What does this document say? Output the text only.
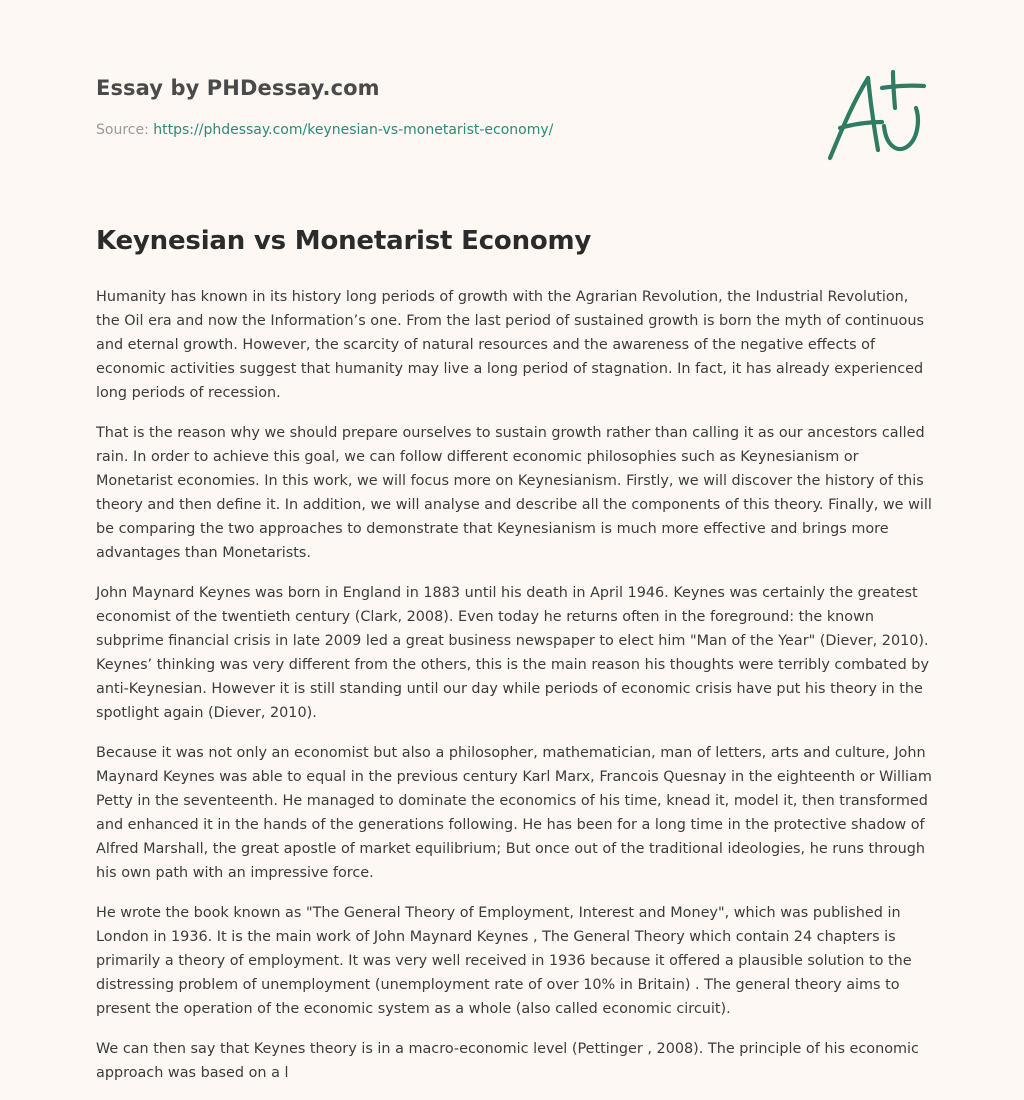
Essay by PHDessay.com
Source: https://phdessay.com/keynesian-vs-monetarist-economy/
Keynesian vs Monetarist Economy

Humanity has known in its history long periods of growth with the Agrarian Revolution, the Industrial Revolution, the Oil era and now the Information’s one. From the last period of sustained growth is born the myth of continuous and eternal growth. However, the scarcity of natural resources and the awareness of the negative effects of economic activities suggest that humanity may live a long period of stagnation. In fact, it has already experienced long periods of recession.

That is the reason why we should prepare ourselves to sustain growth rather than calling it as our ancestors called rain. In order to achieve this goal, we can follow different economic philosophies such as Keynesianism or Monetarist economies. In this work, we will focus more on Keynesianism. Firstly, we will discover the history of this theory and then define it. In addition, we will analyse and describe all the components of this theory. Finally, we will be comparing the two approaches to demonstrate that Keynesianism is much more effective and brings more advantages than Monetarists.

John Maynard Keynes was born in England in 1883 until his death in April 1946. Keynes was certainly the greatest economist of the twentieth century (Clark, 2008). Even today he returns often in the foreground: the known subprime financial crisis in late 2009 led a great business newspaper to elect him "Man of the Year" (Diever, 2010). Keynes’ thinking was very different from the others, this is the main reason his thoughts were terribly combated by anti-Keynesian. However it is still standing until our day while periods of economic crisis have put his theory in the spotlight again (Diever, 2010).

Because it was not only an economist but also a philosopher, mathematician, man of letters, arts and culture, John Maynard Keynes was able to equal in the previous century Karl Marx, Francois Quesnay in the eighteenth or William Petty in the seventeenth. He managed to dominate the economics of his time, knead it, model it, then transformed and enhanced it in the hands of the generations following. He has been for a long time in the protective shadow of Alfred Marshall, the great apostle of market equilibrium; But once out of the traditional ideologies, he runs through his own path with an impressive force.

He wrote the book known as "The General Theory of Employment, Interest and Money", which was published in London in 1936. It is the main work of John Maynard Keynes , The General Theory which contain 24 chapters is primarily a theory of employment. It was very well received in 1936 because it offered a plausible solution to the distressing problem of unemployment (unemployment rate of over 10% in Britain) . The general theory aims to present the operation of the economic system as a whole (also called economic circuit).

We can then say that Keynes theory is in a macro-economic level (Pettinger , 2008). The principle of his economic approach was based on a l
